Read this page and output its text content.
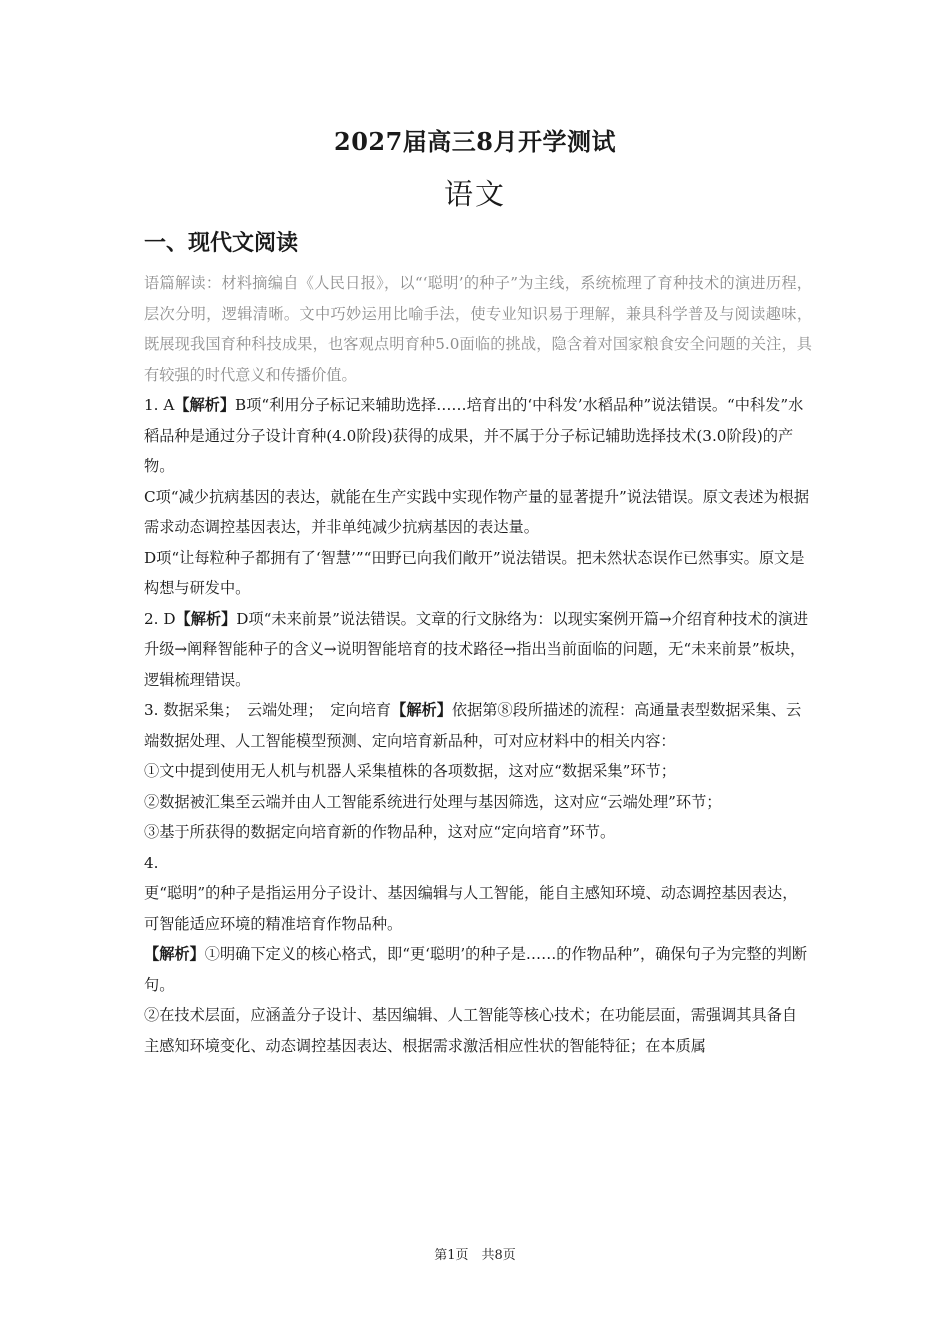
2027届高三8月开学测试
语文
一、现代文阅读

语篇解读：材料摘编自《人民日报》，以“‘聪明’的种子”为主线，系统梳理了育种技术的演进历程，层次分明，逻辑清晰。文中巧妙运用比喻手法，使专业知识易于理解，兼具科学普及与阅读趣味，既展现我国育种科技成果，也客观点明育种5.0面临的挑战，隐含着对国家粮食安全问题的关注，具有较强的时代意义和传播价值。

1. A【解析】B项“利用分子标记来辅助选择……培育出的‘中科发’水稻品种”说法错误。“中科发”水稻品种是通过分子设计育种(4.0阶段)获得的成果，并不属于分子标记辅助选择技术(3.0阶段)的产物。

C项“减少抗病基因的表达，就能在生产实践中实现作物产量的显著提升”说法错误。原文表述为根据需求动态调控基因表达，并非单纯减少抗病基因的表达量。

D项“让每粒种子都拥有了‘智慧’”“田野已向我们敞开”说法错误。把未然状态误作已然事实。原文是构想与研发中。

2. D【解析】D项“未来前景”说法错误。文章的行文脉络为：以现实案例开篇→介绍育种技术的演进升级→阐释智能种子的含义→说明智能培育的技术路径→指出当前面临的问题，无“未来前景”板块，逻辑梳理错误。

3. 数据采集；　云端处理；　定向培育【解析】依据第⑧段所描述的流程：高通量表型数据采集、云端数据处理、人工智能模型预测、定向培育新品种，可对应材料中的相关内容：

①文中提到使用无人机与机器人采集植株的各项数据，这对应“数据采集”环节；

②数据被汇集至云端并由人工智能系统进行处理与基因筛选，这对应“云端处理”环节；

③基于所获得的数据定向培育新的作物品种，这对应“定向培育”环节。

4.

更“聪明”的种子是指运用分子设计、基因编辑与人工智能，能自主感知环境、动态调控基因表达，可智能适应环境的精准培育作物品种。

【解析】①明确下定义的核心格式，即“更‘聪明’的种子是……的作物品种”，确保句子为完整的判断句。

②在技术层面，应涵盖分子设计、基因编辑、人工智能等核心技术；在功能层面，需强调其具备自主感知环境变化、动态调控基因表达、根据需求激活相应性状的智能特征；在本质属

第1页　共8页
